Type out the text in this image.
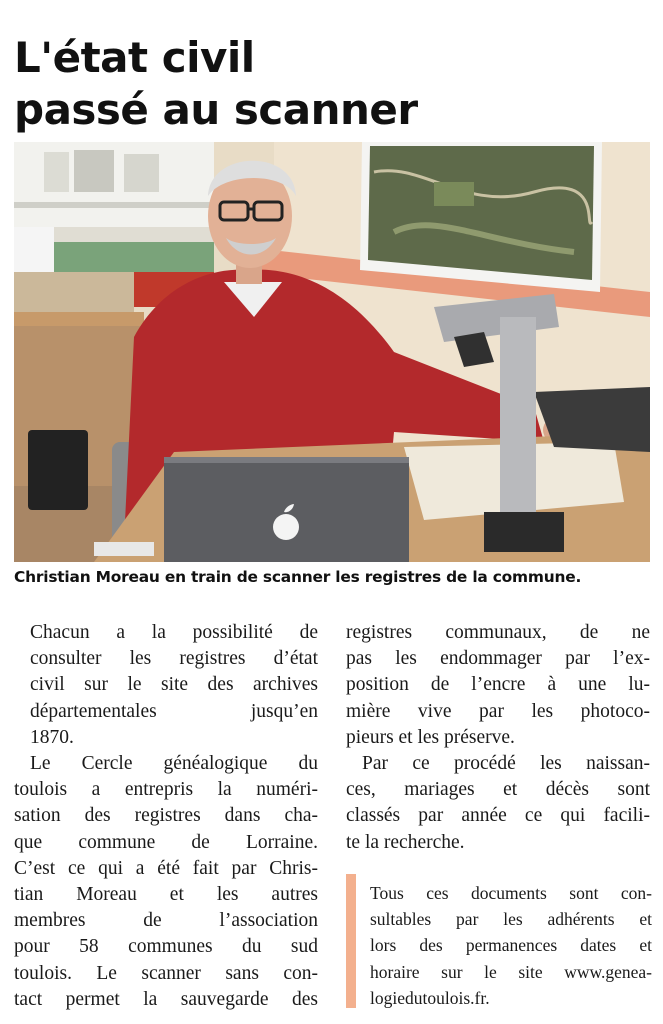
L'état civil
passé au scanner
Christian Moreau en train de scanner les registres de la commune.

Chacun a la possibilité de
consulter les registres d’état
civil sur le site des archives
départementales jusqu’en
1870.

Le Cercle généalogique du
toulois a entrepris la numéri-
sation des registres dans cha-
que commune de Lorraine.
C’est ce qui a été fait par Chris-
tian Moreau et les autres
membres de l’association
pour 58 communes du sud
toulois. Le scanner sans con-
tact permet la sauvegarde des

registres communaux, de ne
pas les endommager par l’ex-
position de l’encre à une lu-
mière vive par les photoco-
pieurs et les préserve.

Par ce procédé les naissan-
ces, mariages et décès sont
classés par année ce qui facili-
te la recherche.

Tous ces documents sont con-
sultables par les adhérents et
lors des permanences dates et
horaire sur le site www.genea-
logiedutoulois.fr.
